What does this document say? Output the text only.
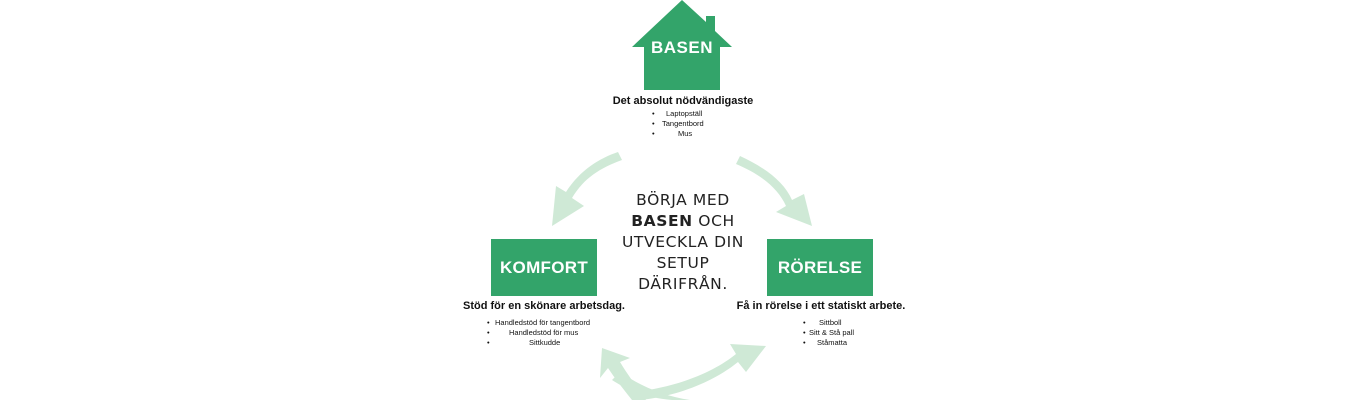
BASEN
Det absolut nödvändigaste
• Laptopställ
• Tangentbord
•	Mus
KOMFORT
Stöd för en skönare arbetsdag.
• Handledstöd för tangentbord
•	Handledstöd för mus
•	Sittkudde
RÖRELSE
Få in rörelse i ett statiskt arbete.
• Sittboll
• Sitt & Stå pall
• Ståmatta
BÖRJA MED
BASEN OCH
UTVECKLA DIN
SETUP
DÄRIFRÅN.
